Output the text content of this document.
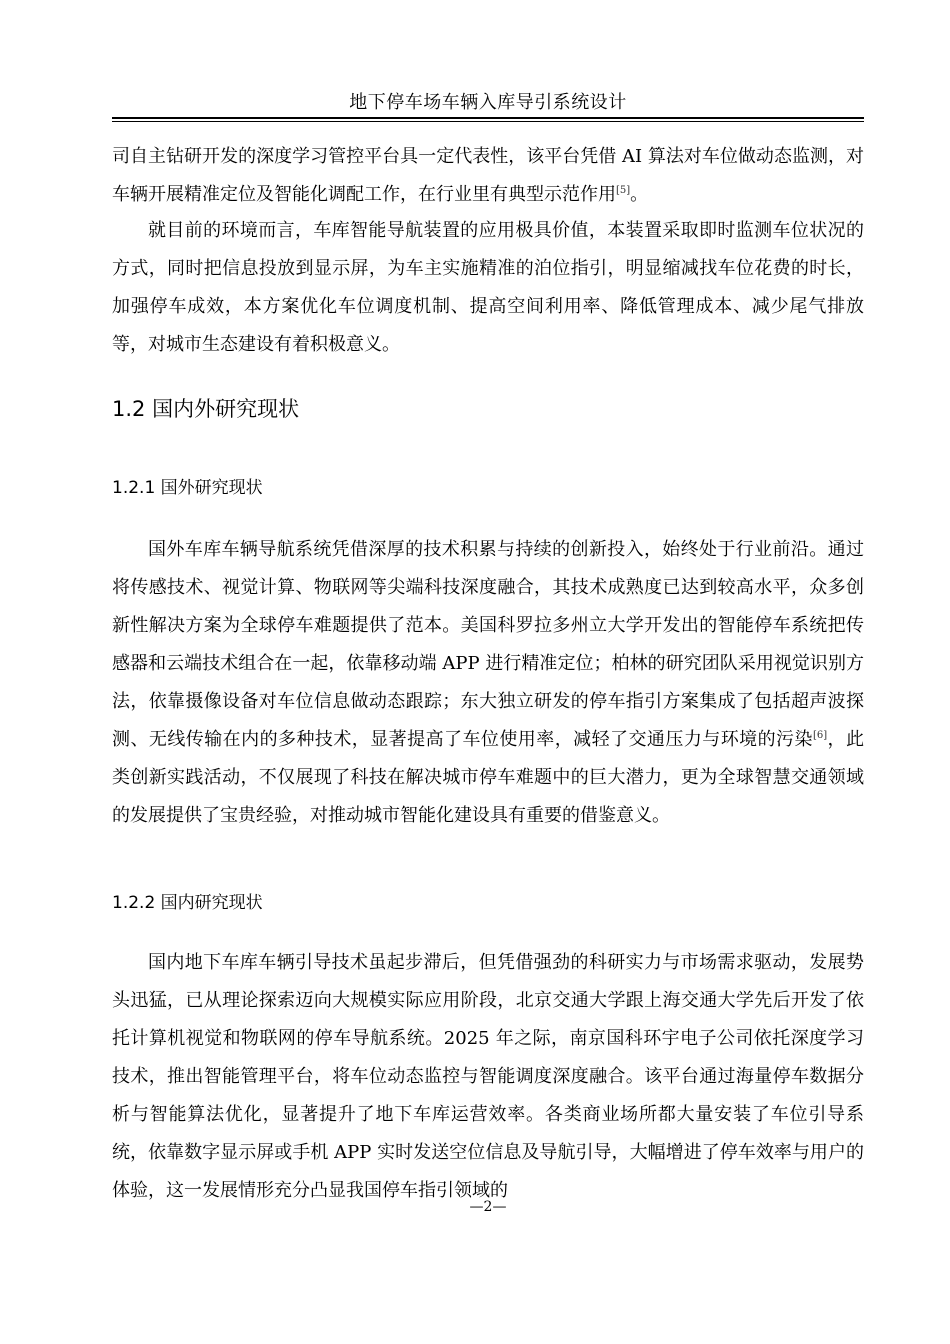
地下停车场车辆入库导引系统设计

司自主钻研开发的深度学习管控平台具一定代表性，该平台凭借 AI 算法对车位做动态监测，对车辆开展精准定位及智能化调配工作，在行业里有典型示范作用[5]。

就目前的环境而言，车库智能导航装置的应用极具价值，本装置采取即时监测车位状况的方式，同时把信息投放到显示屏，为车主实施精准的泊位指引，明显缩减找车位花费的时长，加强停车成效，本方案优化车位调度机制、提高空间利用率、降低管理成本、减少尾气排放等，对城市生态建设有着积极意义。

1.2 国内外研究现状
1.2.1 国外研究现状

国外车库车辆导航系统凭借深厚的技术积累与持续的创新投入，始终处于行业前沿。通过将传感技术、视觉计算、物联网等尖端科技深度融合，其技术成熟度已达到较高水平，众多创新性解决方案为全球停车难题提供了范本。美国科罗拉多州立大学开发出的智能停车系统把传感器和云端技术组合在一起，依靠移动端 APP 进行精准定位；柏林的研究团队采用视觉识别方法，依靠摄像设备对车位信息做动态跟踪；东大独立研发的停车指引方案集成了包括超声波探测、无线传输在内的多种技术，显著提高了车位使用率，减轻了交通压力与环境的污染[6]，此类创新实践活动，不仅展现了科技在解决城市停车难题中的巨大潜力，更为全球智慧交通领域的发展提供了宝贵经验，对推动城市智能化建设具有重要的借鉴意义。

1.2.2 国内研究现状

国内地下车库车辆引导技术虽起步滞后，但凭借强劲的科研实力与市场需求驱动，发展势头迅猛，已从理论探索迈向大规模实际应用阶段，北京交通大学跟上海交通大学先后开发了依托计算机视觉和物联网的停车导航系统。2025 年之际，南京国科环宇电子公司依托深度学习技术，推出智能管理平台，将车位动态监控与智能调度深度融合。该平台通过海量停车数据分析与智能算法优化，显著提升了地下车库运营效率。各类商业场所都大量安装了车位引导系统，依靠数字显示屏或手机 APP 实时发送空位信息及导航引导，大幅增进了停车效率与用户的体验，这一发展情形充分凸显我国停车指引领域的

—2—
